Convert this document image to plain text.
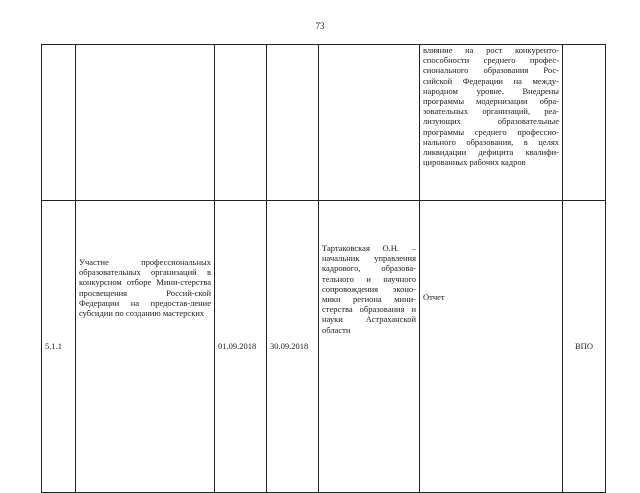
73
					влияние на рост конкуренто-способности среднего профес-сионального образования Рос-сийской Федерации на между-народном уровне. Внедрены программы модернизации обра-зовательных организаций, реа-лизующих образовательные программы среднего профессио-нального образования, в целях ликвидации дефицита квалифи-цированных рабочих кадров	
5.1.1	Участие профессиональных образовательных организаций в конкурсном отборе Мини-стерства просвещения Россий-ской Федерации на предостав-ление субсидии по созданию мастерских	01.09.2018	30.09.2018	Тартаковская О.Н. – начальник управления кадрового, образова-тельного и научного сопровождения эконо-мики региона мини-стерства образования и науки Астраханской области	Отчет	ВПО
